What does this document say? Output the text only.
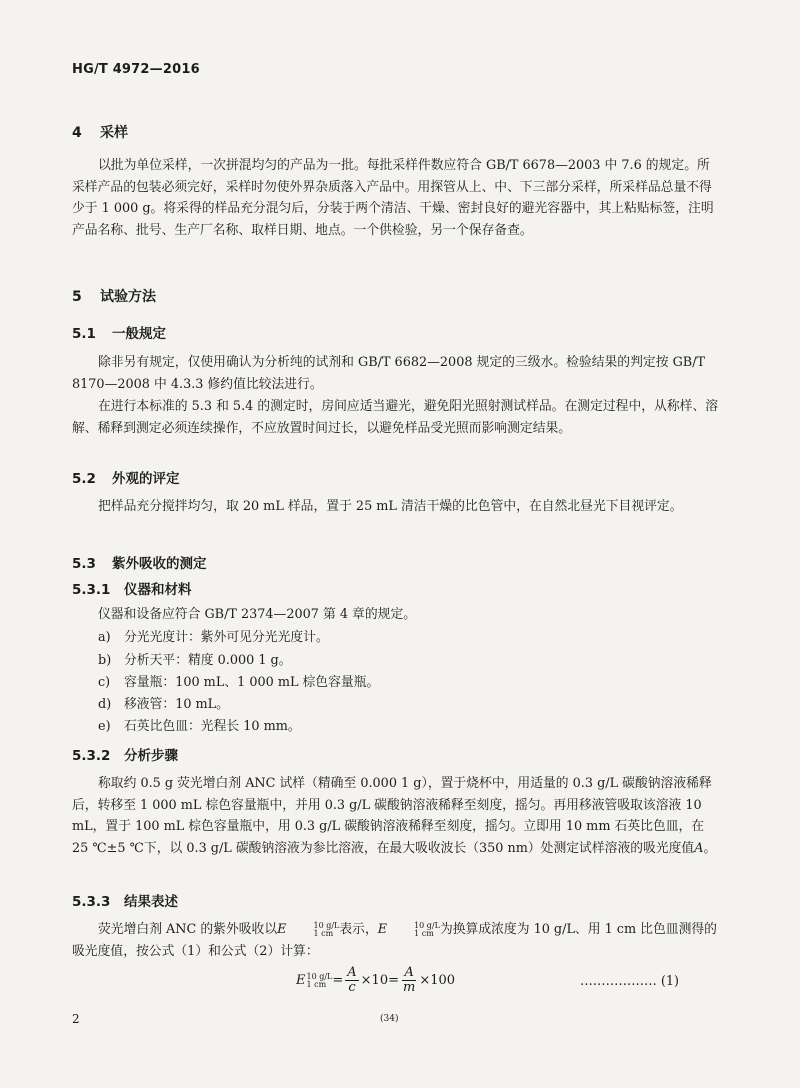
HG/T 4972—2016
4 采样

以批为单位采样，一次拼混均匀的产品为一批。每批采样件数应符合 GB/T 6678—2003 中 7.6 的规定。所采样产品的包装必须完好，采样时勿使外界杂质落入产品中。用探管从上、中、下三部分采样，所采样品总量不得少于 1 000 g。将采得的样品充分混匀后，分装于两个清洁、干燥、密封良好的避光容器中，其上粘贴标签，注明产品名称、批号、生产厂名称、取样日期、地点。一个供检验，另一个保存备查。

5 试验方法
5.1 一般规定

除非另有规定，仅使用确认为分析纯的试剂和 GB/T 6682—2008 规定的三级水。检验结果的判定按 GB/T 8170—2008 中 4.3.3 修约值比较法进行。

在进行本标准的 5.3 和 5.4 的测定时，房间应适当避光，避免阳光照射测试样品。在测定过程中，从称样、溶解、稀释到测定必须连续操作，不应放置时间过长，以避免样品受光照而影响测定结果。

5.2 外观的评定

把样品充分搅拌均匀，取 20 mL 样品，置于 25 mL 清洁干燥的比色管中，在自然北昼光下目视评定。

5.3 紫外吸收的测定
5.3.1 仪器和材料

仪器和设备应符合 GB/T 2374—2007 第 4 章的规定。

a) 分光光度计：紫外可见分光光度计。
b) 分析天平：精度 0.000 1 g。
c) 容量瓶：100 mL、1 000 mL 棕色容量瓶。
d) 移液管：10 mL。
e) 石英比色皿：光程长 10 mm。
5.3.2 分析步骤

称取约 0.5 g 荧光增白剂 ANC 试样（精确至 0.000 1 g），置于烧杯中，用适量的 0.3 g/L 碳酸钠溶液稀释后，转移至 1 000 mL 棕色容量瓶中，并用 0.3 g/L 碳酸钠溶液稀释至刻度，摇匀。再用移液管吸取该溶液 10 mL，置于 100 mL 棕色容量瓶中，用 0.3 g/L 碳酸钠溶液稀释至刻度，摇匀。立即用 10 mm 石英比色皿，在 25 ℃±5 ℃下，以 0.3 g/L 碳酸钠溶液为参比溶液，在最大吸收波长（350 nm）处测定试样溶液的吸光度值A。

5.3.3 结果表述

荧光增白剂 ANC 的紫外吸收以E	10 g/L
1 cm 表示，E	10 g/L
1 cm 为换算成浓度为 10 g/L、用 1 cm 比色皿测得的吸光度值，按公式（1）和公式（2）计算：

E 10 g/L
1 cm = $\frac{A}{c} \times 10= \frac{A}{m} \times 100$	……………… (1)
2	(34)
